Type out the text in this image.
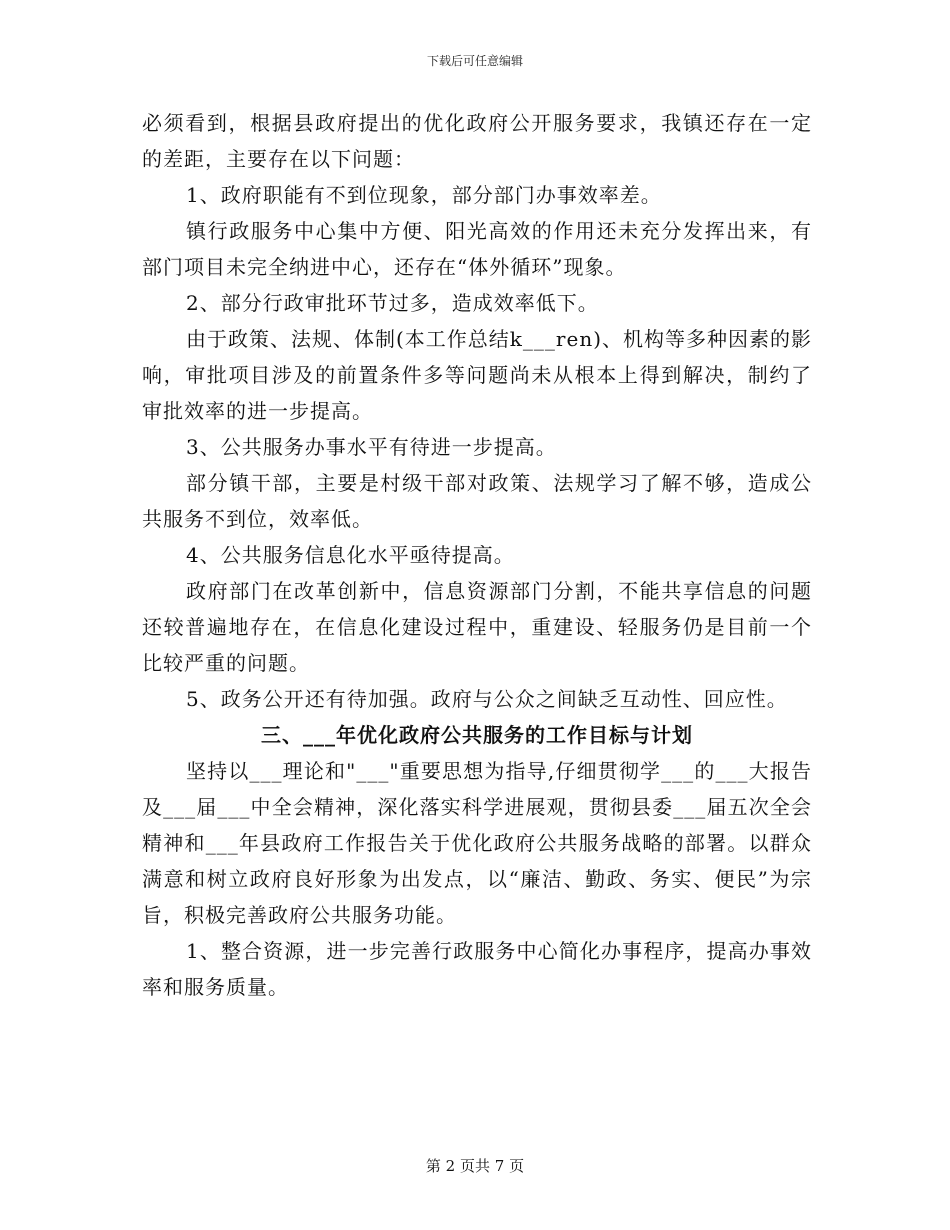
下载后可任意编辑

必须看到，根据县政府提出的优化政府公开服务要求，我镇还存在一定的差距，主要存在以下问题：

1、政府职能有不到位现象，部分部门办事效率差。

镇行政服务中心集中方便、阳光高效的作用还未充分发挥出来，有部门项目未完全纳进中心，还存在“体外循环”现象。

2、部分行政审批环节过多，造成效率低下。

由于政策、法规、体制(本工作总结k___ren)、机构等多种因素的影响，审批项目涉及的前置条件多等问题尚未从根本上得到解决，制约了审批效率的进一步提高。

3、公共服务办事水平有待进一步提高。

部分镇干部，主要是村级干部对政策、法规学习了解不够，造成公共服务不到位，效率低。

4、公共服务信息化水平亟待提高。

政府部门在改革创新中，信息资源部门分割，不能共享信息的问题还较普遍地存在，在信息化建设过程中，重建设、轻服务仍是目前一个比较严重的问题。

5、政务公开还有待加强。政府与公众之间缺乏互动性、回应性。

三、___年优化政府公共服务的工作目标与计划

坚持以___理论和"___"重要思想为指导,仔细贯彻学___的___大报告及___届___中全会精神，深化落实科学进展观，贯彻县委___届五次全会精神和___年县政府工作报告关于优化政府公共服务战略的部署。以群众满意和树立政府良好形象为出发点，以“廉洁、勤政、务实、便民”为宗旨，积极完善政府公共服务功能。

1、整合资源，进一步完善行政服务中心简化办事程序，提高办事效率和服务质量。

第 2 页共 7 页
